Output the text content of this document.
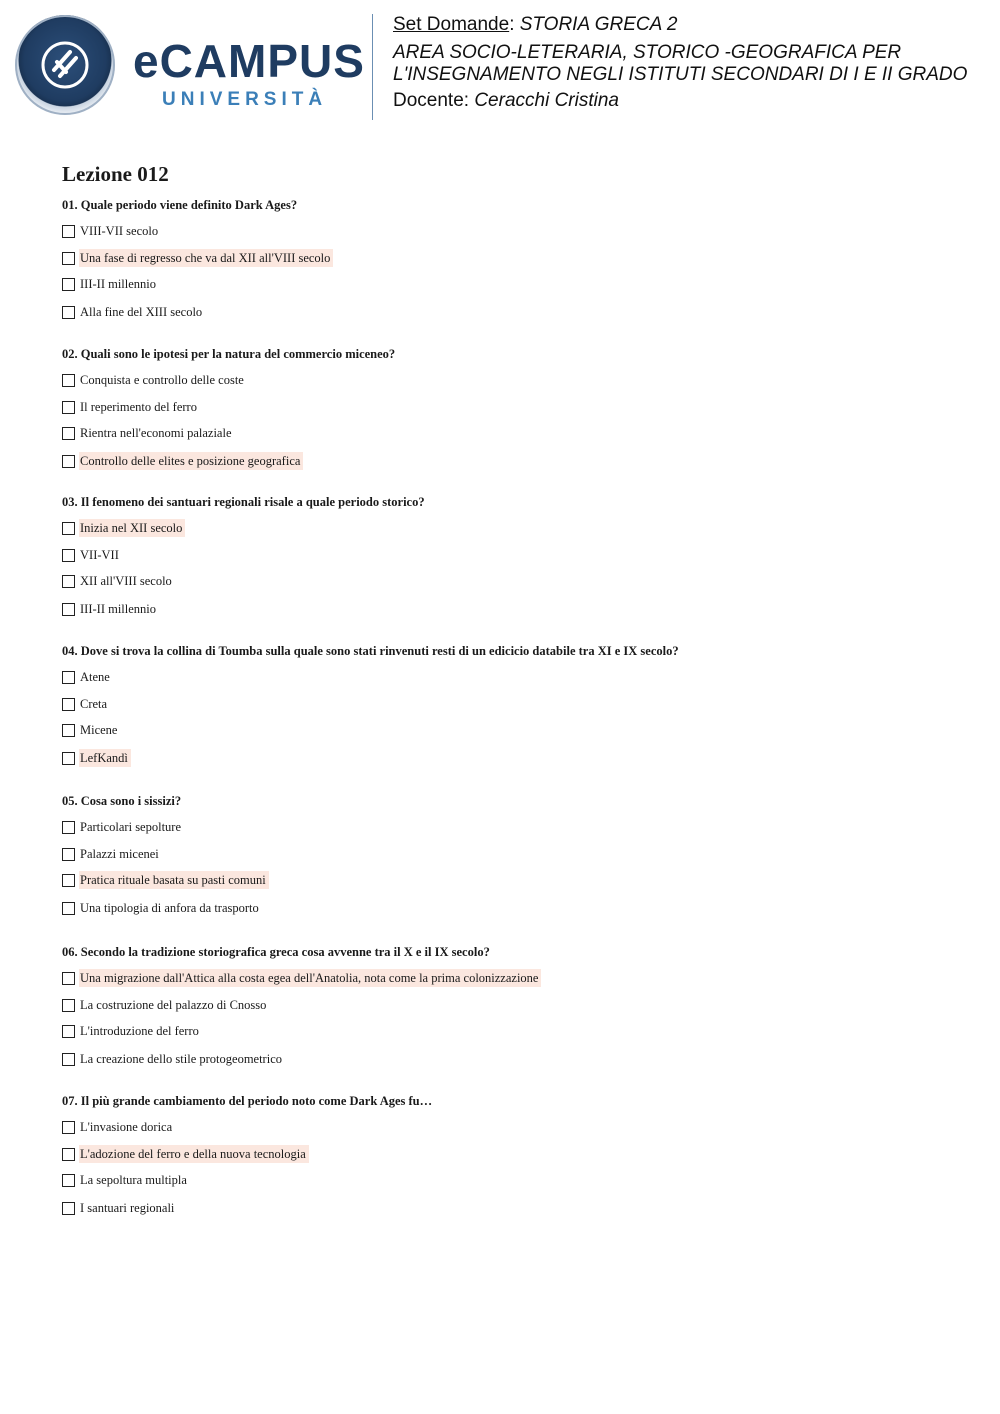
eCAMPUS
UNIVERSITÀ
Set Domande: STORIA GRECA 2
AREA SOCIO-LETERARIA, STORICO -GEOGRAFICA PER
L'INSEGNAMENTO NEGLI ISTITUTI SECONDARI DI I E II GRADO
Docente: Ceracchi Cristina
Lezione 012
01. Quale periodo viene definito Dark Ages?
VIII-VII secolo
Una fase di regresso che va dal XII all'VIII secolo
III-II millennio
Alla fine del XIII secolo
02. Quali sono le ipotesi per la natura del commercio miceneo?
Conquista e controllo delle coste
Il reperimento del ferro
Rientra nell'economi palaziale
Controllo delle elites e posizione geografica
03. Il fenomeno dei santuari regionali risale a quale periodo storico?
Inizia nel XII secolo
VII-VII
XII all'VIII secolo
III-II millennio
04. Dove si trova la collina di Toumba sulla quale sono stati rinvenuti resti di un edicicio databile tra XI e IX secolo?
Atene
Creta
Micene
LefKandì
05. Cosa sono i sissizi?
Particolari sepolture
Palazzi micenei
Pratica rituale basata su pasti comuni
Una tipologia di anfora da trasporto
06. Secondo la tradizione storiografica greca cosa avvenne tra il X e il IX secolo?
Una migrazione dall'Attica alla costa egea dell'Anatolia, nota come la prima colonizzazione
La costruzione del palazzo di Cnosso
L'introduzione del ferro
La creazione dello stile protogeometrico
07. Il più grande cambiamento del periodo noto come Dark Ages fu…
L'invasione dorica
L'adozione del ferro e della nuova tecnologia
La sepoltura multipla
I santuari regionali
